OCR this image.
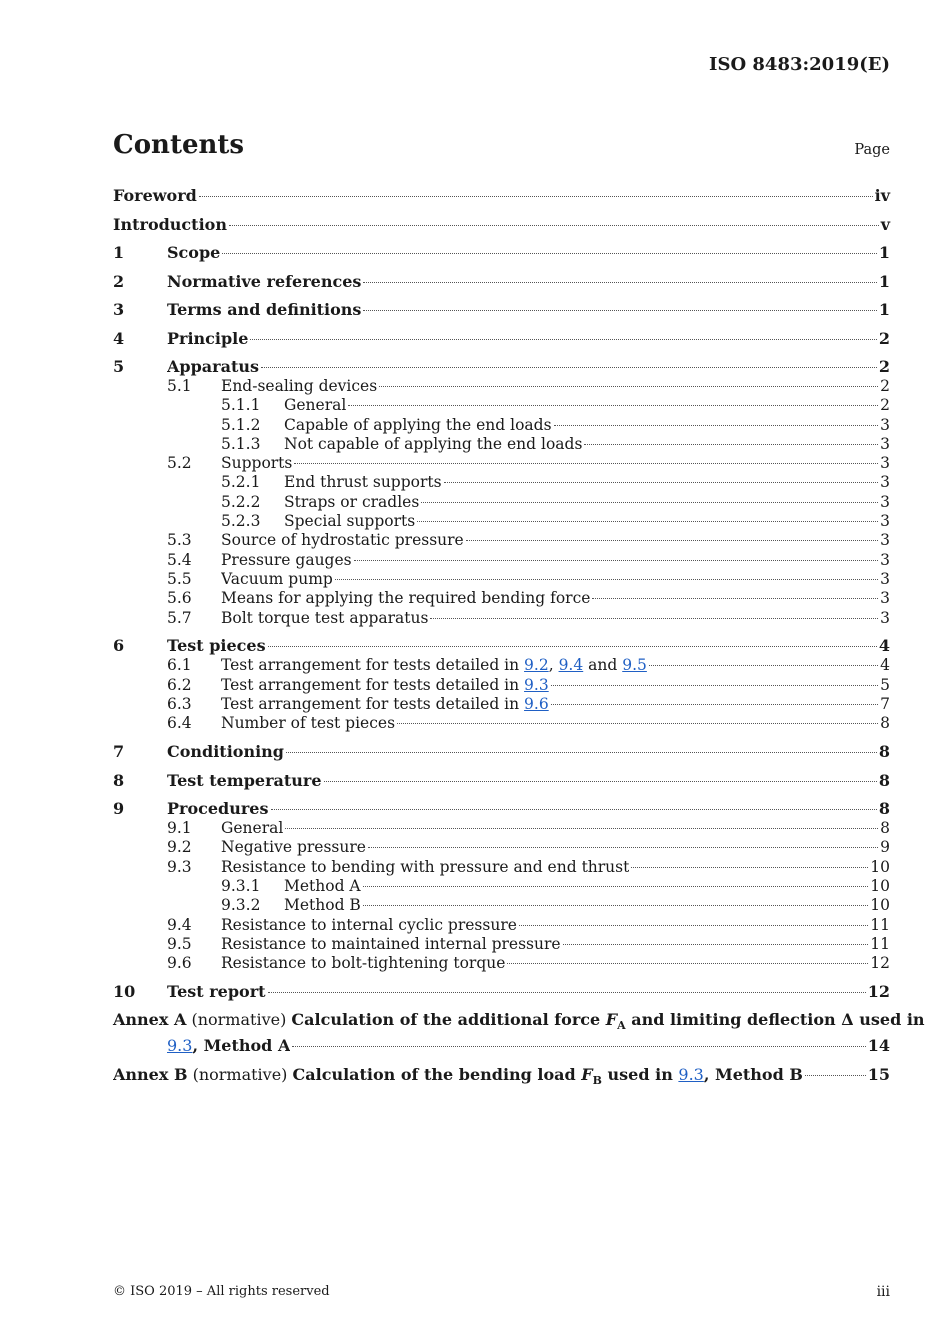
ISO 8483:2019(E)
Contents	Page
Foreword	iv
Introduction	v
1	Scope	1
2	Normative references	1
3	Terms and definitions	1
4	Principle	2
5	Apparatus	2
5.1	End-sealing devices	2
5.1.1	General	2
5.1.2	Capable of applying the end loads	3
5.1.3	Not capable of applying the end loads	3
5.2	Supports	3
5.2.1	End thrust supports	3
5.2.2	Straps or cradles	3
5.2.3	Special supports	3
5.3	Source of hydrostatic pressure	3
5.4	Pressure gauges	3
5.5	Vacuum pump	3
5.6	Means for applying the required bending force	3
5.7	Bolt torque test apparatus	3
6	Test pieces	4
6.1	Test arrangement for tests detailed in 9.2, 9.4 and 9.5	4
6.2	Test arrangement for tests detailed in 9.3	5
6.3	Test arrangement for tests detailed in 9.6	7
6.4	Number of test pieces	8
7	Conditioning	8
8	Test temperature	8
9	Procedures	8
9.1	General	8
9.2	Negative pressure	9
9.3	Resistance to bending with pressure and end thrust	10
9.3.1	Method A	10
9.3.2	Method B	10
9.4	Resistance to internal cyclic pressure	11
9.5	Resistance to maintained internal pressure	11
9.6	Resistance to bolt-tightening torque	12
10	Test report	12
Annex A (normative) Calculation of the additional force $F_A$ and limiting deflection Δ used in
9.3, Method A	14
Annex B (normative) Calculation of the bending load $F_B$ used in 9.3, Method B	15
© ISO 2019 – All rights reserved	iii
